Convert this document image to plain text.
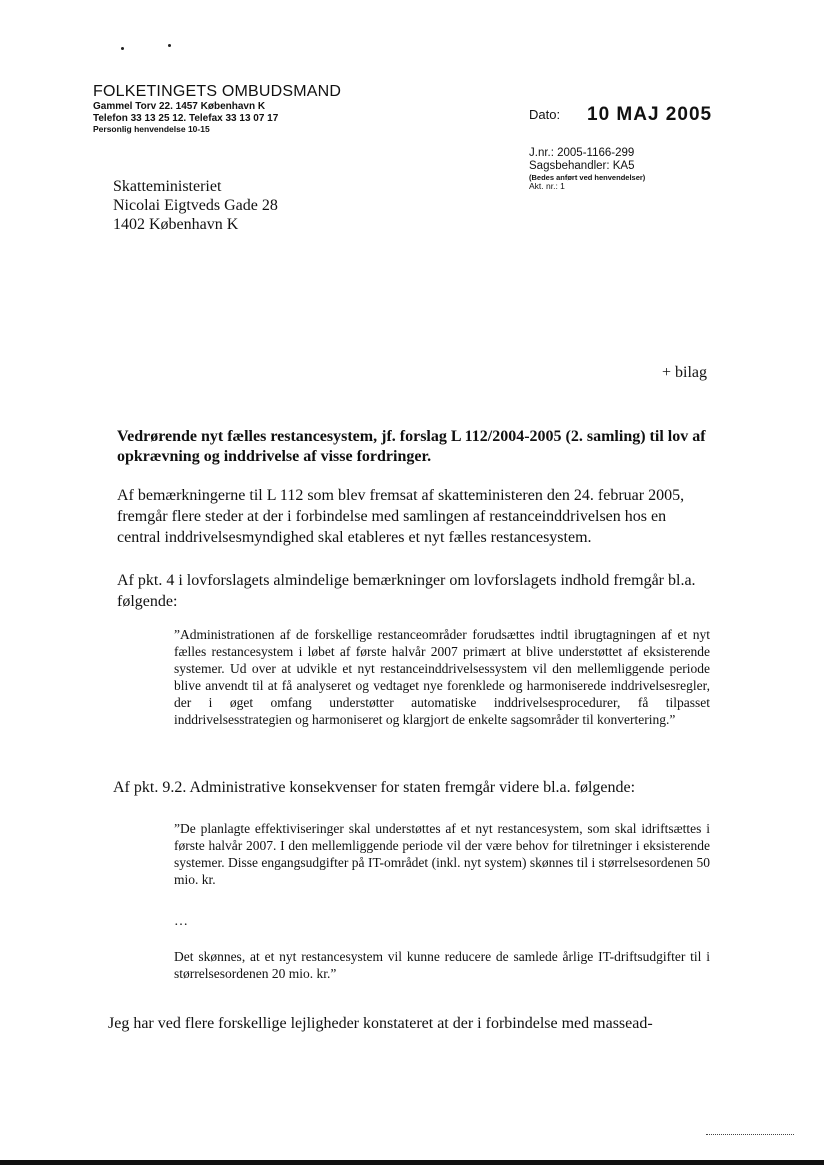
FOLKETINGETS OMBUDSMAND
Gammel Torv 22. 1457 København K
Telefon 33 13 25 12. Telefax 33 13 07 17
Personlig henvendelse 10-15
Dato: 10 MAJ 2005
J.nr.: 2005-1166-299
Sagsbehandler: KA5
(Bedes anført ved henvendelser)
Akt. nr.: 1
Skatteministeriet
Nicolai Eigtveds Gade 28
1402 København K
+ bilag
Vedrørende nyt fælles restancesystem, jf. forslag L 112/2004-2005 (2. samling) til lov af opkrævning og inddrivelse af visse fordringer.
Af bemærkningerne til L 112 som blev fremsat af skatteministeren den 24. februar 2005, fremgår flere steder at der i forbindelse med samlingen af restanceinddrivelsen hos en central inddrivelsesmyndighed skal etableres et nyt fælles restancesystem.
Af pkt. 4 i lovforslagets almindelige bemærkninger om lovforslagets indhold fremgår bl.a. følgende:
”Administrationen af de forskellige restanceområder forudsættes indtil ibrugtagningen af et nyt fælles restancesystem i løbet af første halvår 2007 primært at blive understøttet af eksisterende systemer. Ud over at udvikle et nyt restanceinddrivelsessystem vil den mellemliggende periode blive anvendt til at få analyseret og vedtaget nye forenklede og harmoniserede inddrivelsesregler, der i øget omfang understøtter automatiske inddrivelsesprocedurer, få tilpasset inddrivelsesstrategien og harmoniseret og klargjort de enkelte sagsområder til konvertering.”
Af pkt. 9.2. Administrative konsekvenser for staten fremgår videre bl.a. følgende:
”De planlagte effektiviseringer skal understøttes af et nyt restancesystem, som skal idriftsættes i første halvår 2007. I den mellemliggende periode vil der være behov for tilretninger i eksisterende systemer. Disse engangsudgifter på IT-området (inkl. nyt system) skønnes til i størrelsesordenen 50 mio. kr.
…
Det skønnes, at et nyt restancesystem vil kunne reducere de samlede årlige IT-driftsudgifter til i størrelsesordenen 20 mio. kr.”
Jeg har ved flere forskellige lejligheder konstateret at der i forbindelse med massead-
